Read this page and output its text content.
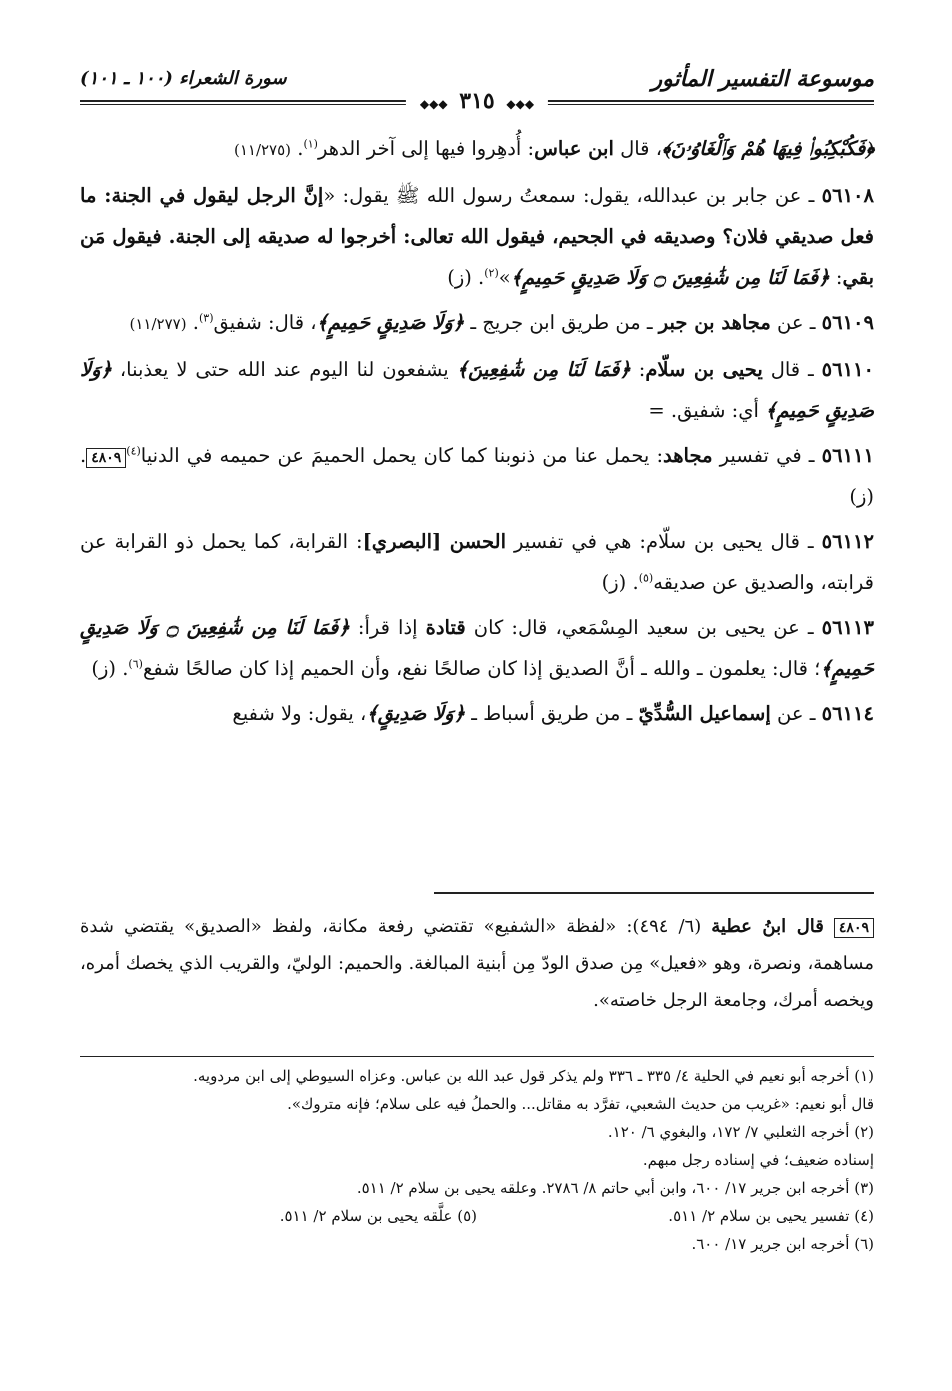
موسوعة التفسير المأثور
سورة الشعراء (١٠٠ ـ ١٠١)
◆◆◆ ٣١٥ ◆◆◆

﴿فَكُبْكِبُوا۟ فِيهَا هُمْ وَٱلْغَاوُۥنَ﴾، قال ابن عباس: أُدهِروا فيها إلى آخر الدهر$^{(١)}$. (١١/٢٧٥)

٥٦١٠٨ ـ عن جابر بن عبدالله، يقول: سمعتُ رسول الله ﷺ يقول: «إنَّ الرجل ليقول في الجنة: ما فعل صديقي فلان؟ وصديقه في الجحيم، فيقول الله تعالى: أخرجوا له صديقه إلى الجنة. فيقول مَن بقي: ﴿فَمَا لَنَا مِن شَٰفِعِينَ ۝ وَلَا صَدِيقٍ حَمِيمٍ﴾»$^{(٢)}$. (ز)

٥٦١٠٩ ـ عن مجاهد بن جبر ـ من طريق ابن جريج ـ ﴿وَلَا صَدِيقٍ حَمِيمٍ﴾، قال: شفيق$^{(٣)}$. (١١/٢٧٧)

٥٦١١٠ ـ قال يحيى بن سلّام: ﴿فَمَا لَنَا مِن شَٰفِعِينَ﴾ يشفعون لنا اليوم عند الله حتى لا يعذبنا، ﴿وَلَا صَدِيقٍ حَمِيمٍ﴾ أي: شفيق. =

٥٦١١١ ـ في تفسير مجاهد: يحمل عنا من ذنوبنا كما كان يحمل الحميمَ عن حميمه في الدنيا$^{(٤)}$٤٨٠٩. (ز)

٥٦١١٢ ـ قال يحيى بن سلّام: هي في تفسير الحسن [البصري]: القرابة، كما يحمل ذو القرابة عن قرابته، والصديق عن صديقه$^{(٥)}$. (ز)

٥٦١١٣ ـ عن يحيى بن سعيد المِسْمَعي، قال: كان قتادة إذا قرأ: ﴿فَمَا لَنَا مِن شَٰفِعِينَ ۝ وَلَا صَدِيقٍ حَمِيمٍ﴾؛ قال: يعلمون ـ والله ـ أنَّ الصديق إذا كان صالحًا نفع، وأن الحميم إذا كان صالحًا شفع$^{(٦)}$. (ز)

٥٦١١٤ ـ عن إسماعيل السُّدِّيّ ـ من طريق أسباط ـ ﴿وَلَا صَدِيقٍ﴾، يقول: ولا شفيع

٤٨٠٩ قال ابنُ عطية (٦/ ٤٩٤): «لفظة «الشفيع» تقتضي رفعة مكانة، ولفظ «الصديق» يقتضي شدة مساهمة، ونصرة، وهو «فعيل» مِن صدق الودّ مِن أبنية المبالغة. والحميم: الوليّ، والقريب الذي يخصك أمره، ويخصه أمرك، وجامعة الرجل خاصته».

(١) أخرجه أبو نعيم في الحلية ٤/ ٣٣٥ ـ ٣٣٦ ولم يذكر قول عبد الله بن عباس. وعزاه السيوطي إلى ابن مردويه.

قال أبو نعيم: «غريب من حديث الشعبي، تفرَّد به مقاتل... والحملُ فيه على سلام؛ فإنه متروك».

(٢) أخرجه الثعلبي ٧/ ١٧٢، والبغوي ٦/ ١٢٠.

إسناده ضعيف؛ في إسناده رجل مبهم.

(٣) أخرجه ابن جرير ١٧/ ٦٠٠، وابن أبي حاتم ٨/ ٢٧٨٦. وعلقه يحيى بن سلام ٢/ ٥١١.

(٤) تفسير يحيى بن سلام ٢/ ٥١١.

(٥) علَّقه يحيى بن سلام ٢/ ٥١١.

(٦) أخرجه ابن جرير ١٧/ ٦٠٠.
